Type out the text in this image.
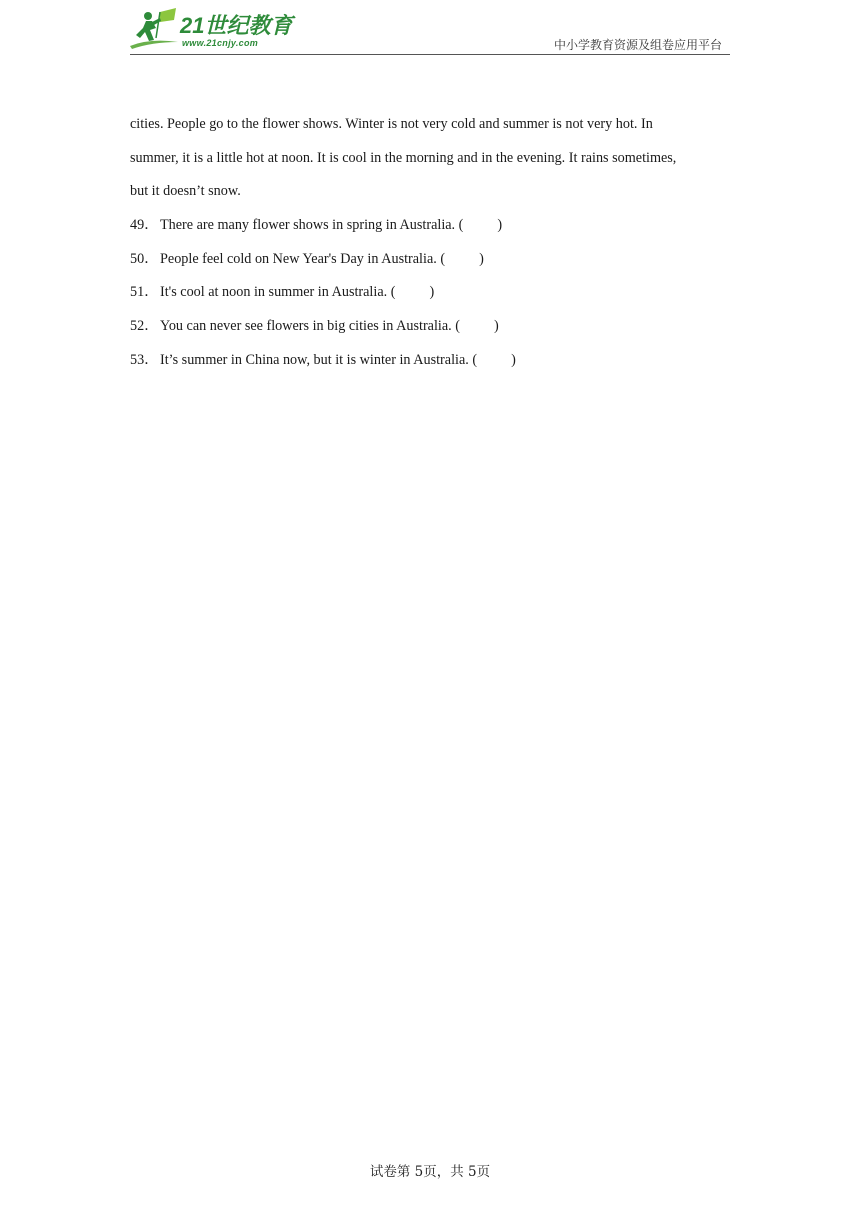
21世纪教育
www.21cnjy.com	中小学教育资源及组卷应用平台

cities. People go to the flower shows. Winter is not very cold and summer is not very hot. In

summer, it is a little hot at noon. It is cool in the morning and in the evening. It rains sometimes,

but it doesn’t snow.

49． There are many flower shows in spring in Australia. ( )
50． People feel cold on New Year's Day in Australia. ( )
51． It's cool at noon in summer in Australia. ( )
52． You can never see flowers in big cities in Australia. ( )
53． It’s summer in China now, but it is winter in Australia. ( )
试卷第 5页，共 5页
